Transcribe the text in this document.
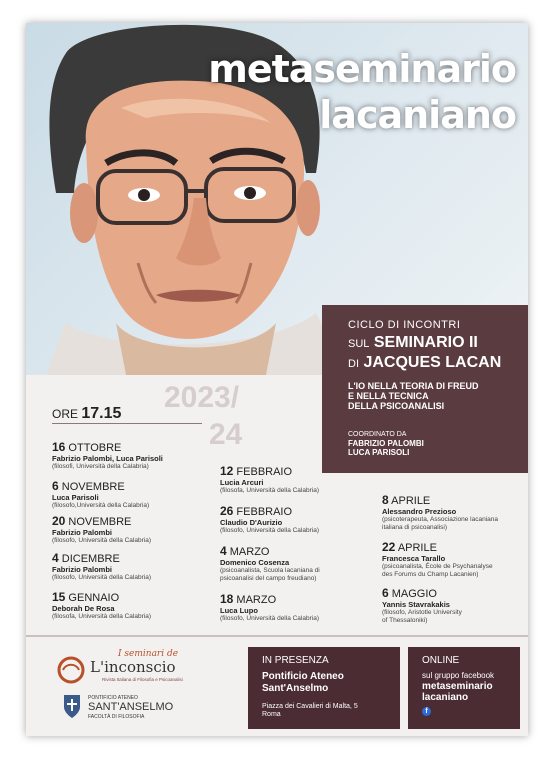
metaseminario
lacaniano
CICLO DI INCONTRI
SUL SEMINARIO II
DI JACQUES LACAN
L'IO NELLA TEORIA DI FREUD
E NELLA TECNICA
DELLA PSICOANALISI
COORDINATO DA
FABRIZIO PALOMBI
LUCA PARISOLI
2023/
24
ORE 17.15
16 OTTOBRE
Fabrizio Palombi, Luca Parisoli
(filosofi, Università della Calabria)
6 NOVEMBRE
Luca Parisoli
(filosofo,Università della Calabria)
20 NOVEMBRE
Fabrizio Palombi
(filosofo, Università della Calabria)
4 DICEMBRE
Fabrizio Palombi
(filosofo, Università della Calabria)
15 GENNAIO
Deborah De Rosa
(filosofa, Università della Calabria)
12 FEBBRAIO
Lucia Arcuri
(filosofa, Università della Calabria)
26 FEBBRAIO
Claudio D'Aurizio
(filosofo, Università della Calabria)
4 MARZO
Domenico Cosenza
(psicoanalista, Scuola lacaniana di
psicoanalisi del campo freudiano)
18 MARZO
Luca Lupo
(filosofo, Università della Calabria)
8 APRILE
Alessandro Prezioso
(psicoterapeuta, Associazione lacaniana
italiana di psicoanalisi)
22 APRILE
Francesca Tarallo
(psicoanalista, École de Psychanalyse
des Forums du Champ Lacanien)
6 MAGGIO
Yannis Stavrakakis
(filosofo, Aristotle University
of Thessaloniki)
I seminari de
L'inconscio
Rivista Italiana di Filosofia e Psicoanalisi
PONTIFICIO ATENEO
SANT'ANSELMO
FACOLTÀ DI FILOSOFIA
IN PRESENZA
Pontificio Ateneo
Sant'Anselmo
Piazza dei Cavalieri di Malta, 5
Roma
ONLINE
sul gruppo facebook
metaseminario
lacaniano
f
